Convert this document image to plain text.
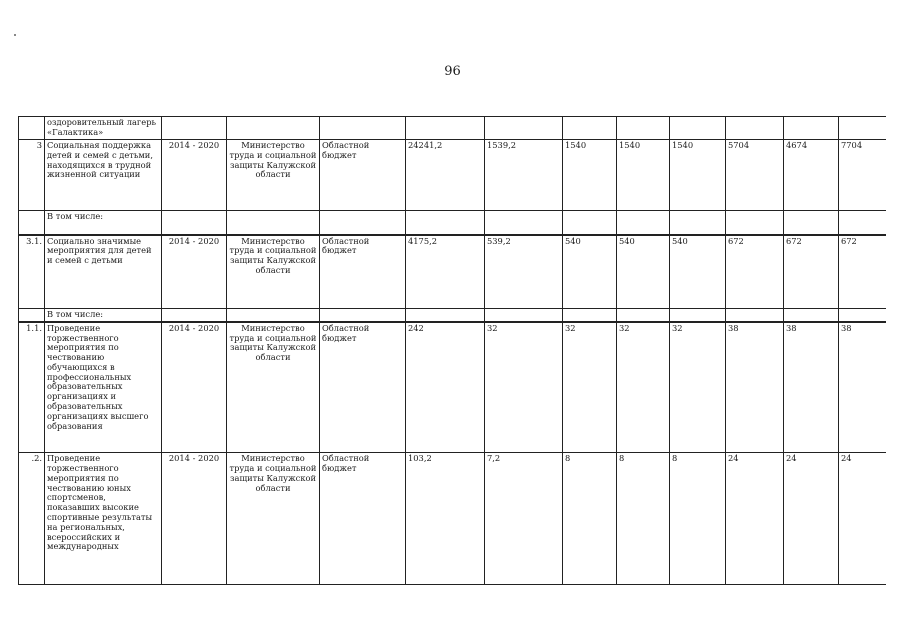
96
	оздоровительный лагерь «Галактика»											
3	Социальная поддержка детей и семей с детьми, находящихся в трудной жизненной ситуации	2014 - 2020	Министерство труда и социальной защиты Калужской области	Областной бюджет	24241,2	1539,2	1540	1540	1540	5704	4674	7704
	В том числе:											
3.1.	Социально значимые мероприятия для детей и семей с детьми	2014 - 2020	Министерство труда и социальной защиты Калужской области	Областной бюджет	4175,2	539,2	540	540	540	672	672	672
	В том числе:											
1.1.	Проведение торжественного мероприятия по чествованию обучающихся в профессиональных образовательных организациях и образовательных организациях высшего образования	2014 - 2020	Министерство труда и социальной защиты Калужской области	Областной бюджет	242	32	32	32	32	38	38	38
.2.	Проведение торжественного мероприятия по чествованию юных спортсменов, показавших высокие спортивные результаты на региональных, всероссийских и международных	2014 - 2020	Министерство труда и социальной защиты Калужской области	Областной бюджет	103,2	7,2	8	8	8	24	24	24
